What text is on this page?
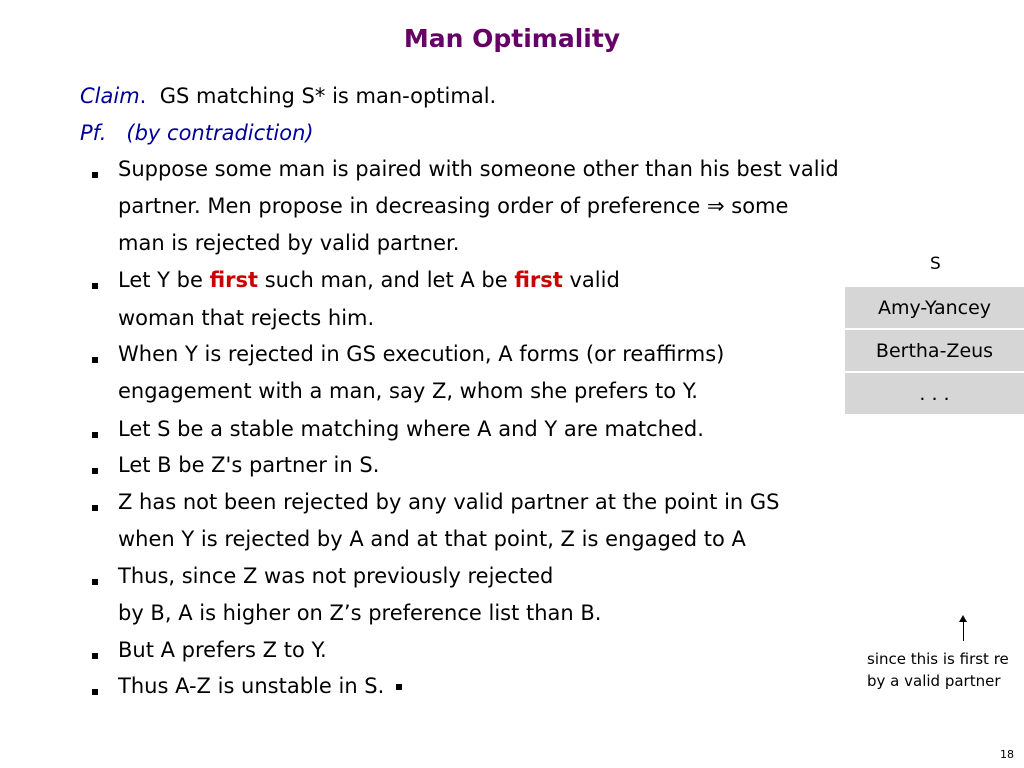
Man Optimality
Claim. GS matching S* is man-optimal.
Pf. (by contradiction)
Suppose some man is paired with someone other than his best valid
partner. Men propose in decreasing order of preference ⇒ some
man is rejected by valid partner.
Let Y be first such man, and let A be first valid
woman that rejects him.
When Y is rejected in GS execution, A forms (or reaffirms)
engagement with a man, say Z, whom she prefers to Y.
Let S be a stable matching where A and Y are matched.
Let B be Z's partner in S.
Z has not been rejected by any valid partner at the point in GS
when Y is rejected by A and at that point, Z is engaged to A
Thus, since Z was not previously rejected
by B, A is higher on Z’s preference list than B.
But A prefers Z to Y.
Thus A-Z is unstable in S.
S
Amy-Yancey
Bertha-Zeus
. . .
since this is first re
by a valid partner
18
